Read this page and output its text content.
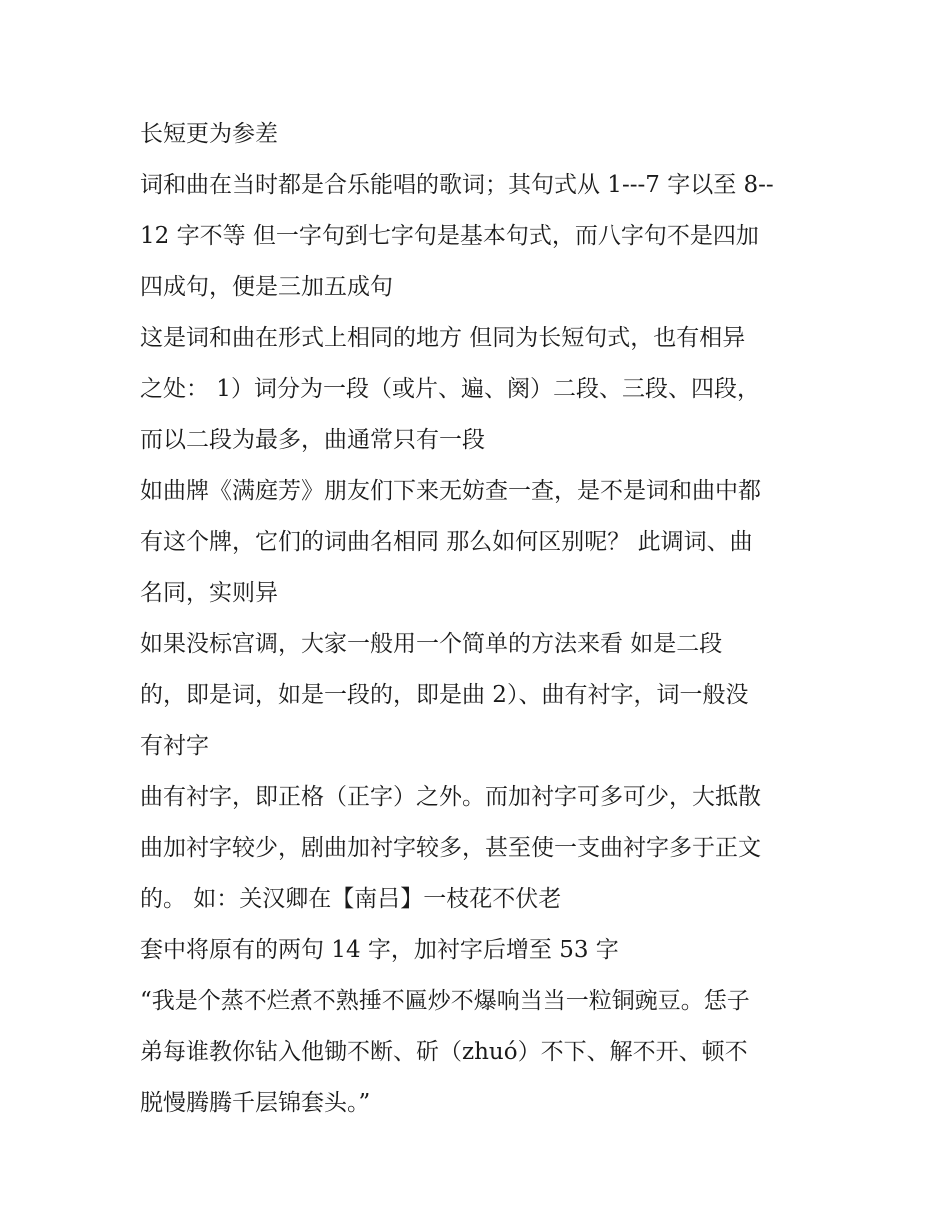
长短更为参差
词和曲在当时都是合乐能唱的歌词；其句式从 1---7 字以至 8--
12 字不等 但一字句到七字句是基本句式，而八字句不是四加
四成句，便是三加五成句
这是词和曲在形式上相同的地方 但同为长短句式，也有相异
之处： 1）词分为一段（或片、遍、阕）二段、三段、四段，
而以二段为最多，曲通常只有一段
如曲牌《满庭芳》朋友们下来无妨查一查，是不是词和曲中都
有这个牌，它们的词曲名相同 那么如何区别呢？ 此调词、曲
名同，实则异
如果没标宫调，大家一般用一个简单的方法来看 如是二段
的，即是词，如是一段的，即是曲 2）、曲有衬字，词一般没
有衬字
曲有衬字，即正格（正字）之外。而加衬字可多可少，大抵散
曲加衬字较少，剧曲加衬字较多，甚至使一支曲衬字多于正文
的。 如：关汉卿在【南吕】一枝花不伏老
套中将原有的两句 14 字，加衬字后增至 53 字
“我是个蒸不烂煮不熟捶不匾炒不爆响当当一粒铜豌豆。恁子
弟每谁教你钻入他锄不断、斫（zhuó）不下、解不开、顿不
脱慢腾腾千层锦套头。”
